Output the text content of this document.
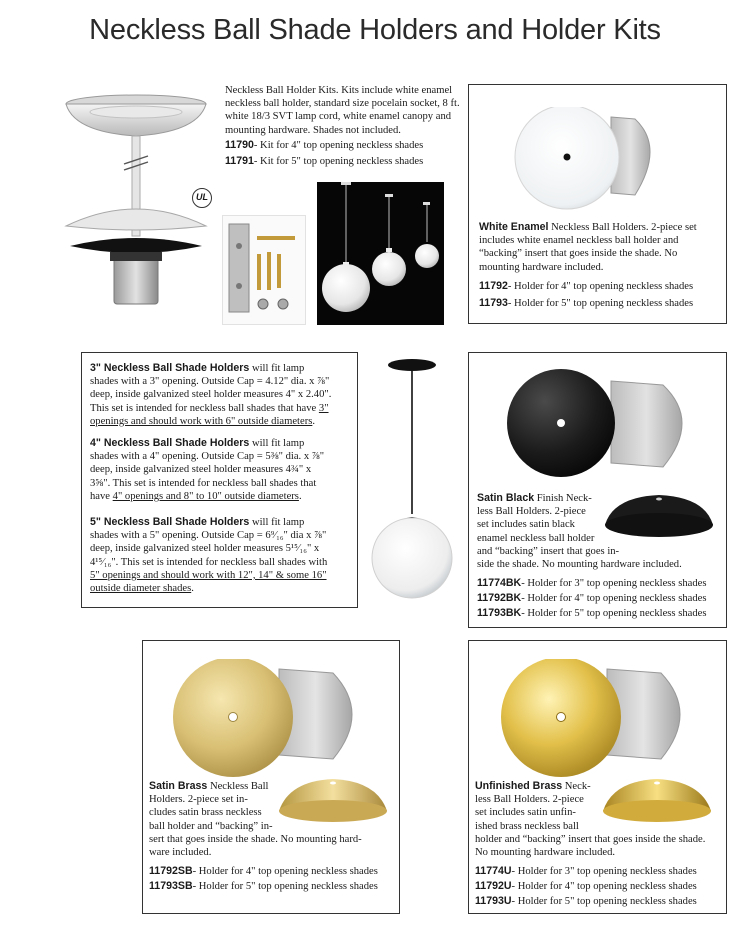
Neckless Ball Shade Holders and Holder Kits
UL
Neckless Ball Holder Kits. Kits include white enamel
neckless ball holder, standard size pocelain socket, 8 ft.
white 18/3 SVT lamp cord, white enamel canopy and
mounting hardware. Shades not included.
11790- Kit for 4" top opening neckless shades
11791- Kit for 5" top opening neckless shades
White Enamel Neckless Ball Holders. 2-piece set
includes white enamel neckless ball holder and
“backing” insert that goes inside the shade. No
mounting hardware included.
11792- Holder for 4" top opening neckless shades
11793- Holder for 5" top opening neckless shades
3" Neckless Ball Shade Holders will fit lamp
shades with a 3" opening. Outside Cap = 4.12" dia. x ⅞"
deep, inside galvanized steel holder measures 4" x 2.40".
This set is intended for neckless ball shades that have 3"
openings and should work with 6" outside diameters.
4" Neckless Ball Shade Holders will fit lamp
shades with a 4" opening. Outside Cap = 5⅜" dia. x ⅞"
deep, inside galvanized steel holder measures 4¾" x
3⅝". This set is intended for neckless ball shades that
have 4" openings and 8" to 10" outside diameters.
5" Neckless Ball Shade Holders will fit lamp
shades with a 5" opening. Outside Cap = 6⁹⁄₁₆" dia x ⅞"
deep, inside galvanized steel holder measures 5¹⁵⁄₁₆" x
4¹⁵⁄₁₆". This set is intended for neckless ball shades with
5" openings and should work with 12", 14" & some 16"
outside diameter shades.
Satin Black Finish Neck-
less Ball Holders. 2-piece
set includes satin black
enamel neckless ball holder
and “backing” insert that goes in-
side the shade. No mounting hardware included.
11774BK- Holder for 3" top opening neckless shades
11792BK- Holder for 4" top opening neckless shades
11793BK- Holder for 5" top opening neckless shades
Satin Brass Neckless Ball
Holders. 2-piece set in-
cludes satin brass neckless
ball holder and “backing” in-
sert that goes inside the shade. No mounting hard-
ware included.
11792SB- Holder for 4" top opening neckless shades
11793SB- Holder for 5" top opening neckless shades
Unfinished Brass Neck-
less Ball Holders. 2-piece
set includes satin unfin-
ished brass neckless ball
holder and “backing” insert that goes inside the shade.
No mounting hardware included.
11774U- Holder for 3" top opening neckless shades
11792U- Holder for 4" top opening neckless shades
11793U- Holder for 5" top opening neckless shades
